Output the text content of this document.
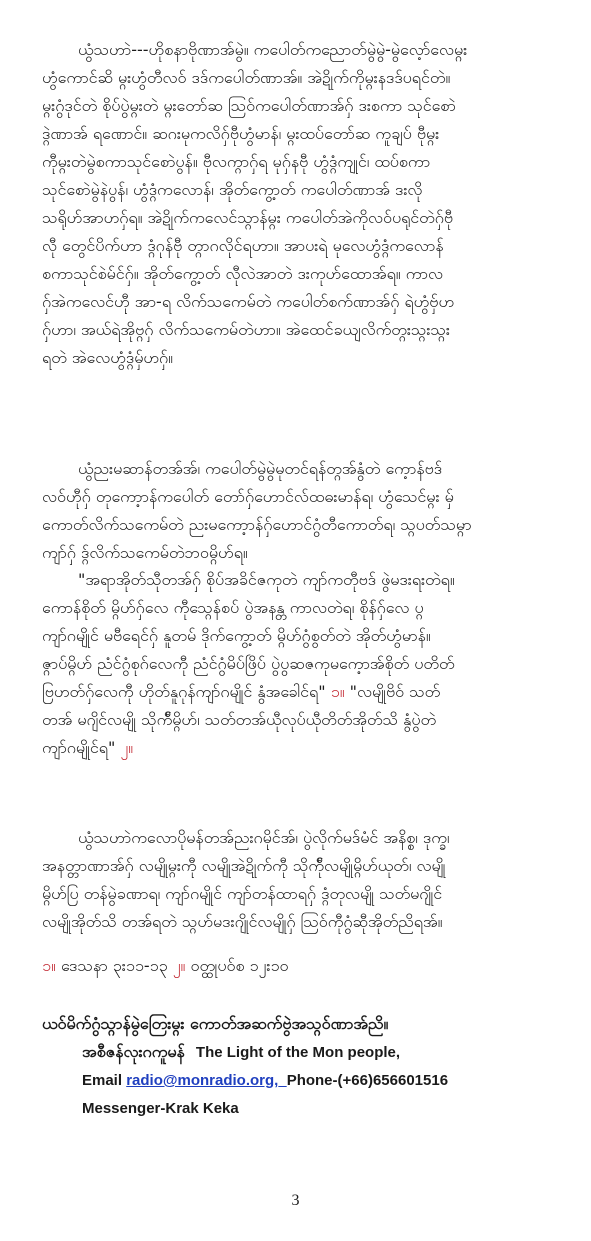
ယွံသဟာဲ---ဟိုစနာဗိုဏာအ်မွဲ။ ကပေါတ်ကညောတ်မွဲမွဲ-မွဲလေ့ာ်လေမ္ဂး
ဟွံကောင်ဆိ မ္ဂးဟွံတီလဝ် ဒဒ်ကပေါတ်ဏာအ်။ အဲဍိုက်ကိုမ္ဂးနဒဒ်ပရင်တဲ။
မ္ဂးဂွံဒုင်တဲ စိုပ်ပွဲမ္ဂးတဲ မ္ဂးတော်ဆ ဩဝ်ကပေါတ်ဏာအ်ဂှ် ဒးစကာ သုင်စောဲ
ဒ္ဂဲဏာအ် ရဏောင်။ ဆဂးမုကလိဂှ်ဗီုဟွံမာန်၊ မ္ဂးထပ်တော်ဆ ကူချပ် ဗီုမ္ဂး
ကီုမ္ဂးတဲမွဲစကာသုင်စောဲပွန်။ ဗီုလက္ဂာဂှ်ရ မုဂှ်နဗီု ဟွံဒ္ဂံကျုင်၊ ထပ်စကာ
သုင်စောဲမွဲနဲပွန်၊ ဟွံဒ္ဂံကလောန်၊ အိုတ်ကွေ့ာတ် ကပေါတ်ဏာအ် ဒးလို
သရိုဟ်အာဟဂှ်ရ။ အဲဍိုက်ကလေင်သ္ဂာန်မ္ဂး ကပေါတ်အဲကိုလဝ်ပရုင်တဲဂှ်ဗီု
လီု တွေင်ပိက်ဟာ ဒ္ဂံဂုန်ဗီု တ္ဂာဂလိုင်ရဟာ။ အာပးရဲ မုလေဟွံဒ္ဂံကလောန်
စကာသုင်စဲမ်င်ဂှ်။ အိုတ်ကွေ့ာတ် လီုလဲအာတဲ ဒးကုဟ်ထောအ်ရ။ ကာလ
ဂှ်အဲကလေင်ဟီု အာ-ရ လိက်သကေမ်တဲ ကပေါတ်စက်ဏာအ်ဂှ် ရဲဟွံဗှ်ဟ
ဂှ်ဟာ၊ အယ်ရဲအိုဗ္ဂဂှ် လိက်သကေမ်တဲဟာ။ အဲထေင်ခယျလိက်တ္ဂးသ္ဂးသ္ဂး
ရတဲ အဲလေဟွံဒ္ဂံမှ်ဟဂှ်။
ယွံညးမဆာန်တအ်အ်၊ ကပေါတ်မွဲမွဲမုတင်ရန်တ္ဂအ်နွံတဲ ကေ့ာန်ဗဒ်
လဝ်ဟီုဂှ် တုကော့ာန်ကပေါတ် တော်ဂှ်ဟောင်လ်ထဓးမာန်ရ၊ ဟွံသေင်မ္ဂး မှ်
ကောတ်လိက်သကေမ်တဲ ညးမကော့ာန်ဂှ်ဟောင်ဂွံတီကောတ်ရ၊ သ္ဂပတ်သမ္ဂာ
ကျာ်ဂှ် ဒ္ဂ်လိက်သကေမ်တဲဘဝမ္ဂိဟ်ရ။
"အရာအိုတ်သီုတအ်ဂှ် စိုပ်အခိင်ဇကုတဲ ကျာ်ကတီုဗဒ် ဖွဲမဒးရးတဲရ။
ကောန်စိုတ် မ္ဂိဟ်ဂှ်လေ ကီုသ္ဂေန်စပ် ပွဲအနန္တ ကာလတဲရ၊ စိုန်ဂှ်လေ ပ္ဂ
ကျာ်ဂမျိုင် မဗီရေင်ဂှ် နူတမ် ဒိုက်ကွေ့ာတ် မ္ဂိဟ်ဂွံစွတ်တဲ အိုတ်ဟွံမာန်။
ဇ္ဂာပ်မ္ဂိဟ် ညံင်ဂွံစုဂ်လေကီု ညံင်ဂွံမိပ်ဖြိပ် ပွဲပွဆဇကုမကေ့ာအ်စိုတ် ပတိတ်
ဗြဟတ်ဂှ်လေကီု ဟိုတ်နူဂုန်ကျာ်ဂမျိုင် နွံအခေါင်ရ" ၁။ "လမျိုဗိဝ် သတ်
တအ် မဂျိင်လမျို သိုက်ီမ္ဂိဟ်၊ သတ်တအ်ယီုလုပ်ယီုတိတ်အိုတ်သိ နွံပွဲတဲ
ကျာ်ဂမျိုင်ရ" ၂။
ယွံသဟာဲကလောပိုမန်တအ်ညးဂမိုင်အ်၊ ပွဲလိုက်မဒ်မံင် အနိစ္စ၊ ဒုက္ခ၊
အနတ္တာဏာအ်ဂှ် လမျိုမ္ဂးကီု လမျိုအဲဍိုက်ကီု သိုက်ီုလမျိုမ္ဂိဟ်ယုတ်၊ လမျို
မ္ဂိဟ်ပြ တန်မွဲခဏာရ၊ ကျာ်ဂမျိုင် ကျာ်တန်ထာရဂှ် ဒ္ဂံတုလမျို သတ်မဂျိုင်
လမျိုအိုတ်သိ တအ်ရတဲ သ္ဂဟ်မဒးဂျိုင်လမျိုဂှ် ဩဝ်ကီုဂွံဆီုအိုတ်ညိရအ်။
၁။ ဒေသနာ ၃း၁၁-၁၃ ၂။ ဝတ္ထုပဝ်စ ၁၂း၁၀
ယဝ်မိက်ဂွံသ္ဂာန်မွဲတြေးမ္ဂး ကောတ်အဆက်ဗွဲအသ္ဂဝ်ဏာအ်ညိ။
အစီဇန်လုးဂကူမန် The Light of the Mon people,
Email radio@monradio.org, Phone-(+66)656601516
Messenger-Krak Keka
3
